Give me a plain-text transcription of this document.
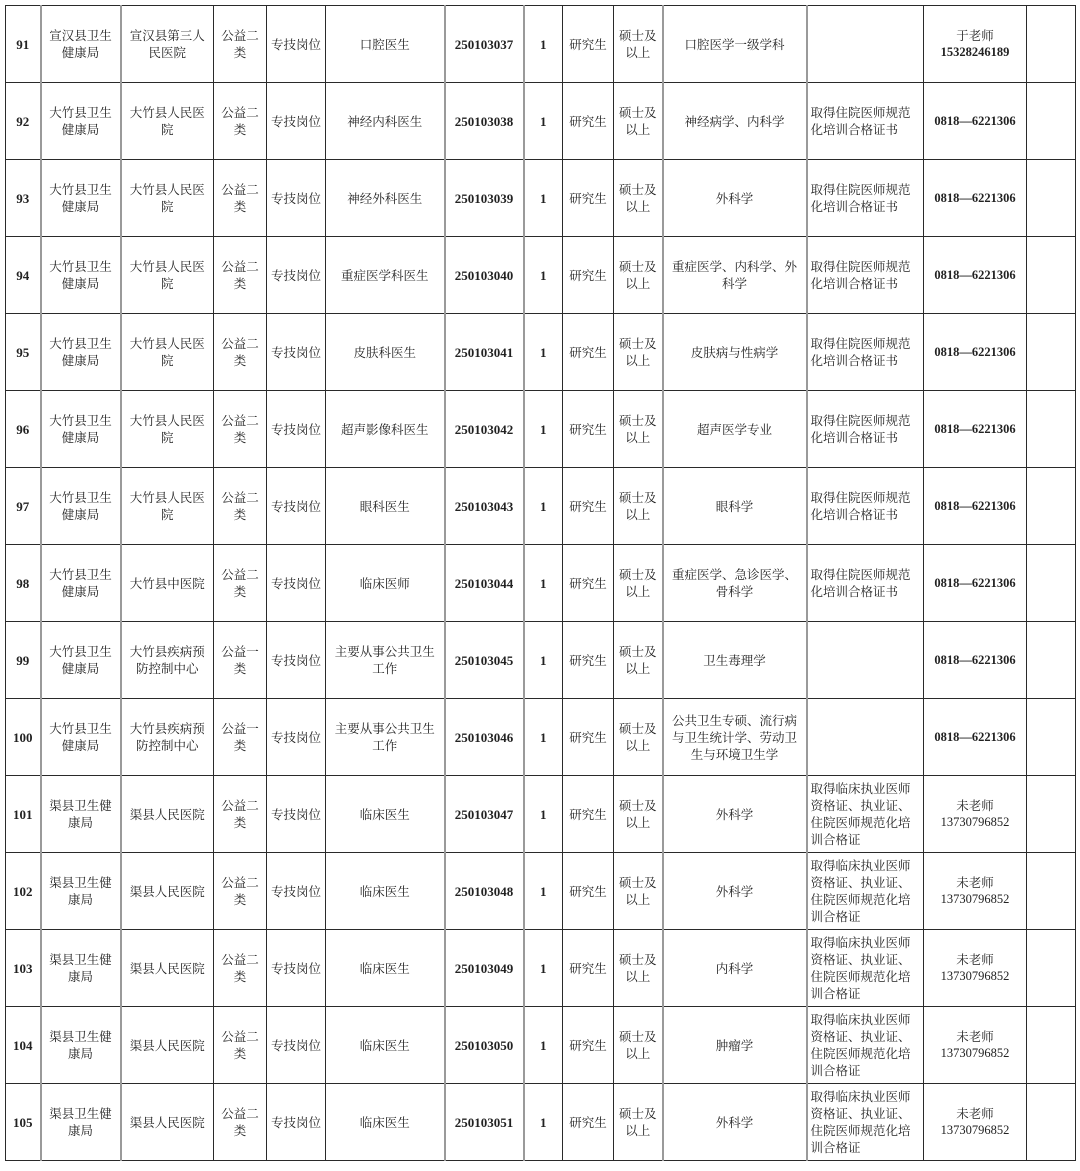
91	宣汉县卫生健康局	宣汉县第三人民医院	公益二类	专技岗位	口腔医生	250103037	1	研究生	硕士及以上	口腔医学一级学科		于老师
15328246189	

92	大竹县卫生健康局	大竹县人民医院	公益二类	专技岗位	神经内科医生	250103038	1	研究生	硕士及以上	神经病学、内科学	取得住院医师规范化培训合格证书	0818—6221306	

93	大竹县卫生健康局	大竹县人民医院	公益二类	专技岗位	神经外科医生	250103039	1	研究生	硕士及以上	外科学	取得住院医师规范化培训合格证书	0818—6221306	

94	大竹县卫生健康局	大竹县人民医院	公益二类	专技岗位	重症医学科医生	250103040	1	研究生	硕士及以上	重症医学、内科学、外科学	取得住院医师规范化培训合格证书	0818—6221306	

95	大竹县卫生健康局	大竹县人民医院	公益二类	专技岗位	皮肤科医生	250103041	1	研究生	硕士及以上	皮肤病与性病学	取得住院医师规范化培训合格证书	0818—6221306	

96	大竹县卫生健康局	大竹县人民医院	公益二类	专技岗位	超声影像科医生	250103042	1	研究生	硕士及以上	超声医学专业	取得住院医师规范化培训合格证书	0818—6221306	

97	大竹县卫生健康局	大竹县人民医院	公益二类	专技岗位	眼科医生	250103043	1	研究生	硕士及以上	眼科学	取得住院医师规范化培训合格证书	0818—6221306	

98	大竹县卫生健康局	大竹县中医院	公益二类	专技岗位	临床医师	250103044	1	研究生	硕士及以上	重症医学、急诊医学、骨科学	取得住院医师规范化培训合格证书	0818—6221306	

99	大竹县卫生健康局	大竹县疾病预防控制中心	公益一类	专技岗位	主要从事公共卫生工作	250103045	1	研究生	硕士及以上	卫生毒理学		0818—6221306	

100	大竹县卫生健康局	大竹县疾病预防控制中心	公益一类	专技岗位	主要从事公共卫生工作	250103046	1	研究生	硕士及以上	公共卫生专硕、流行病与卫生统计学、劳动卫生与环境卫生学		0818—6221306	

101	渠县卫生健康局	渠县人民医院	公益二类	专技岗位	临床医生	250103047	1	研究生	硕士及以上	外科学	取得临床执业医师资格证、执业证、住院医师规范化培训合格证	未老师
13730796852	

102	渠县卫生健康局	渠县人民医院	公益二类	专技岗位	临床医生	250103048	1	研究生	硕士及以上	外科学	取得临床执业医师资格证、执业证、住院医师规范化培训合格证	未老师
13730796852	

103	渠县卫生健康局	渠县人民医院	公益二类	专技岗位	临床医生	250103049	1	研究生	硕士及以上	内科学	取得临床执业医师资格证、执业证、住院医师规范化培训合格证	未老师
13730796852	

104	渠县卫生健康局	渠县人民医院	公益二类	专技岗位	临床医生	250103050	1	研究生	硕士及以上	肿瘤学	取得临床执业医师资格证、执业证、住院医师规范化培训合格证	未老师
13730796852	

105	渠县卫生健康局	渠县人民医院	公益二类	专技岗位	临床医生	250103051	1	研究生	硕士及以上	外科学	取得临床执业医师资格证、执业证、住院医师规范化培训合格证	未老师
13730796852	
